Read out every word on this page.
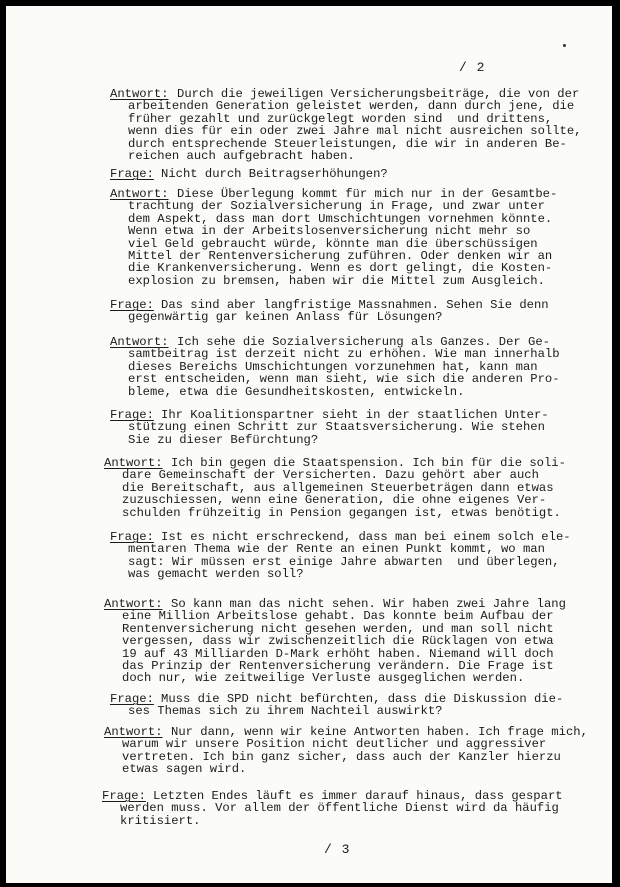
/ 2
Antwort: Durch die jeweiligen Versicherungsbeiträge, die von der
arbeitenden Generation geleistet werden, dann durch jene, die
früher gezahlt und zurückgelegt worden sind  und drittens,
wenn dies für ein oder zwei Jahre mal nicht ausreichen sollte,
durch entsprechende Steuerleistungen, die wir in anderen Be-
reichen auch aufgebracht haben.
Frage: Nicht durch Beitragserhöhungen?
Antwort: Diese Überlegung kommt für mich nur in der Gesamtbe-
trachtung der Sozialversicherung in Frage, und zwar unter
dem Aspekt, dass man dort Umschichtungen vornehmen könnte.
Wenn etwa in der Arbeitslosenversicherung nicht mehr so
viel Geld gebraucht würde, könnte man die überschüssigen
Mittel der Rentenversicherung zuführen. Oder denken wir an
die Krankenversicherung. Wenn es dort gelingt, die Kosten-
explosion zu bremsen, haben wir die Mittel zum Ausgleich.
Frage: Das sind aber langfristige Massnahmen. Sehen Sie denn
gegenwärtig gar keinen Anlass für Lösungen?
Antwort: Ich sehe die Sozialversicherung als Ganzes. Der Ge-
samtbeitrag ist derzeit nicht zu erhöhen. Wie man innerhalb
dieses Bereichs Umschichtungen vorzunehmen hat, kann man
erst entscheiden, wenn man sieht, wie sich die anderen Pro-
bleme, etwa die Gesundheitskosten, entwickeln.
Frage: Ihr Koalitionspartner sieht in der staatlichen Unter-
stützung einen Schritt zur Staatsversicherung. Wie stehen
Sie zu dieser Befürchtung?
Antwort: Ich bin gegen die Staatspension. Ich bin für die soli-
dare Gemeinschaft der Versicherten. Dazu gehört aber auch
die Bereitschaft, aus allgemeinen Steuerbeträgen dann etwas
zuzuschiessen, wenn eine Generation, die ohne eigenes Ver-
schulden frühzeitig in Pension gegangen ist, etwas benötigt.
Frage: Ist es nicht erschreckend, dass man bei einem solch ele-
mentaren Thema wie der Rente an einen Punkt kommt, wo man
sagt: Wir müssen erst einige Jahre abwarten  und überlegen,
was gemacht werden soll?
Antwort: So kann man das nicht sehen. Wir haben zwei Jahre lang
eine Million Arbeitslose gehabt. Das konnte beim Aufbau der
Rentenversicherung nicht gesehen werden, und man soll nicht
vergessen, dass wir zwischenzeitlich die Rücklagen von etwa
19 auf 43 Milliarden D-Mark erhöht haben. Niemand will doch
das Prinzip der Rentenversicherung verändern. Die Frage ist
doch nur, wie zeitweilige Verluste ausgeglichen werden.
Frage: Muss die SPD nicht befürchten, dass die Diskussion die-
ses Themas sich zu ihrem Nachteil auswirkt?
Antwort: Nur dann, wenn wir keine Antworten haben. Ich frage mich,
warum wir unsere Position nicht deutlicher und aggressiver
vertreten. Ich bin ganz sicher, dass auch der Kanzler hierzu
etwas sagen wird.
Frage: Letzten Endes läuft es immer darauf hinaus, dass gespart
werden muss. Vor allem der öffentliche Dienst wird da häufig
kritisiert.
/ 3
